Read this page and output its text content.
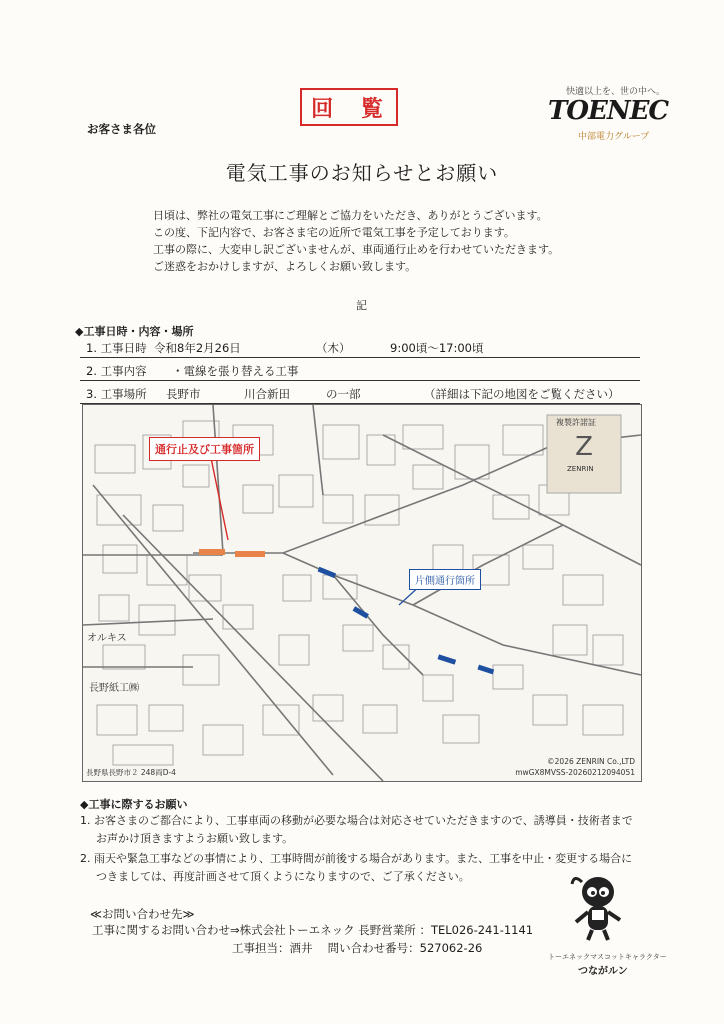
回 覧
快適以上を、世の中へ。
TOENEC
中部電力グループ
お客さま各位
電気工事のお知らせとお願い
日頃は、弊社の電気工事にご理解とご協力をいただき、ありがとうございます。
この度、下記内容で、お客さま宅の近所で電気工事を予定しております。
工事の際に、大変申し訳ございませんが、車両通行止めを行わせていただきます。
ご迷惑をおかけしますが、よろしくお願い致します。
記
◆工事日時・内容・場所
1. 工事日時 令和8年2月26日	（木）	9:00頃～17:00頃
2. 工事内容 ・電線を張り替える工事
3. 工事場所 長野市	川合新田	の一部	（詳細は下記の地図をご覧ください）
Z
通行止及び工事箇所
片側通行箇所
オルキス
長野紙工㈱
複製許諾証
ZENRIN
長野県長野市２ 248両D-4
©2026 ZENRIN Co.,LTD
mwGX8MVSS-20260212094051
◆工事に際するお願い
1. お客さまのご都合により、工事車両の移動が必要な場合は対応させていただきますので、誘導員・技術者まで
お声かけ頂きますようお願い致します。
2. 雨天や緊急工事などの事情により、工事時間が前後する場合があります。また、工事を中止・変更する場合に
つきましては、再度計画させて頂くようになりますので、ご了承ください。
≪お問い合わせ先≫
工事に関するお問い合わせ⇒株式会社トーエネック 長野営業所 ：TEL026-241-1141
工事担当：酒井　 問い合わせ番号：527062-26
トーエネックマスコットキャラクター
つながルン
